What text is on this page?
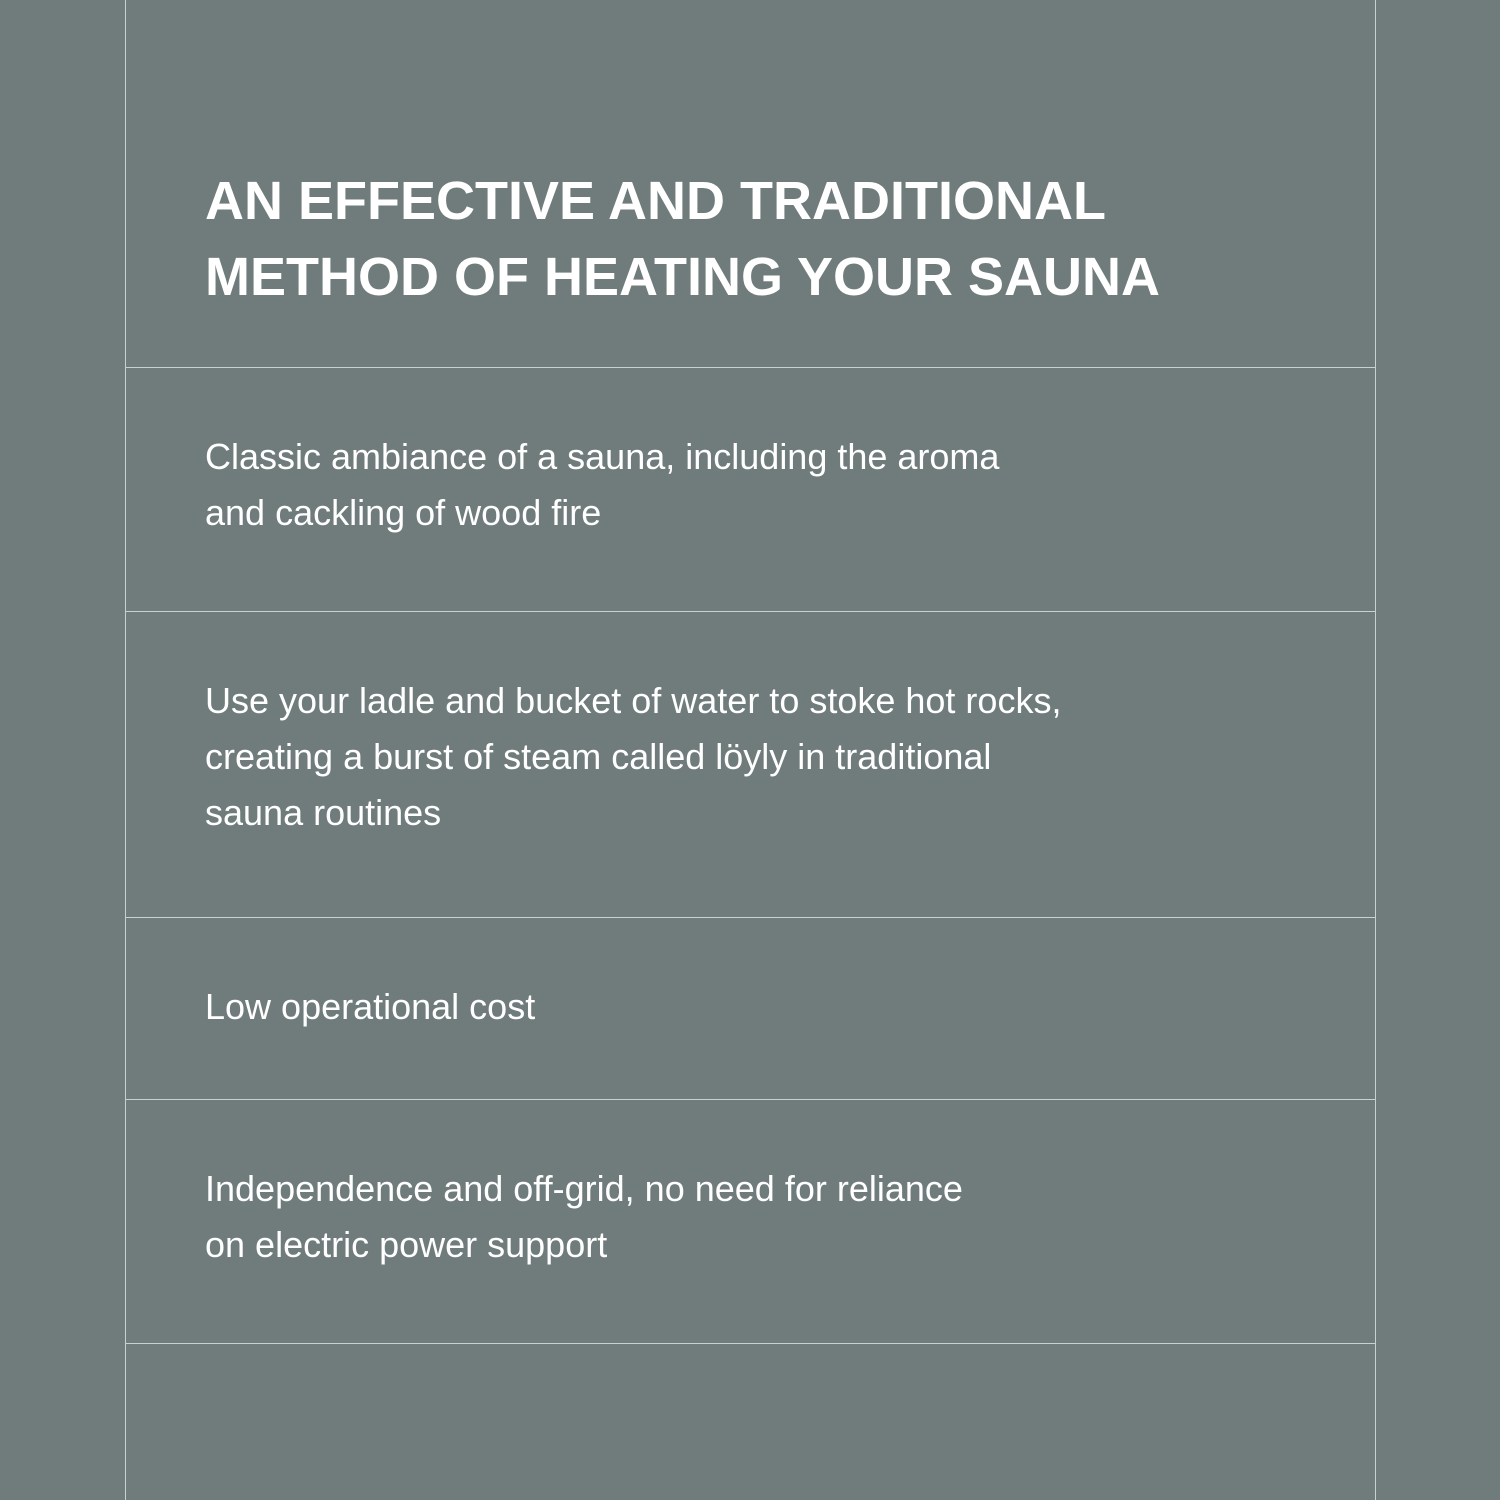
AN EFFECTIVE AND TRADITIONAL
METHOD OF HEATING YOUR SAUNA
Classic ambiance of a sauna, including the aroma
and cackling of wood fire
Use your ladle and bucket of water to stoke hot rocks,
creating a burst of steam called löyly in traditional
sauna routines
Low operational cost
Independence and off-grid, no need for reliance
on electric power support
